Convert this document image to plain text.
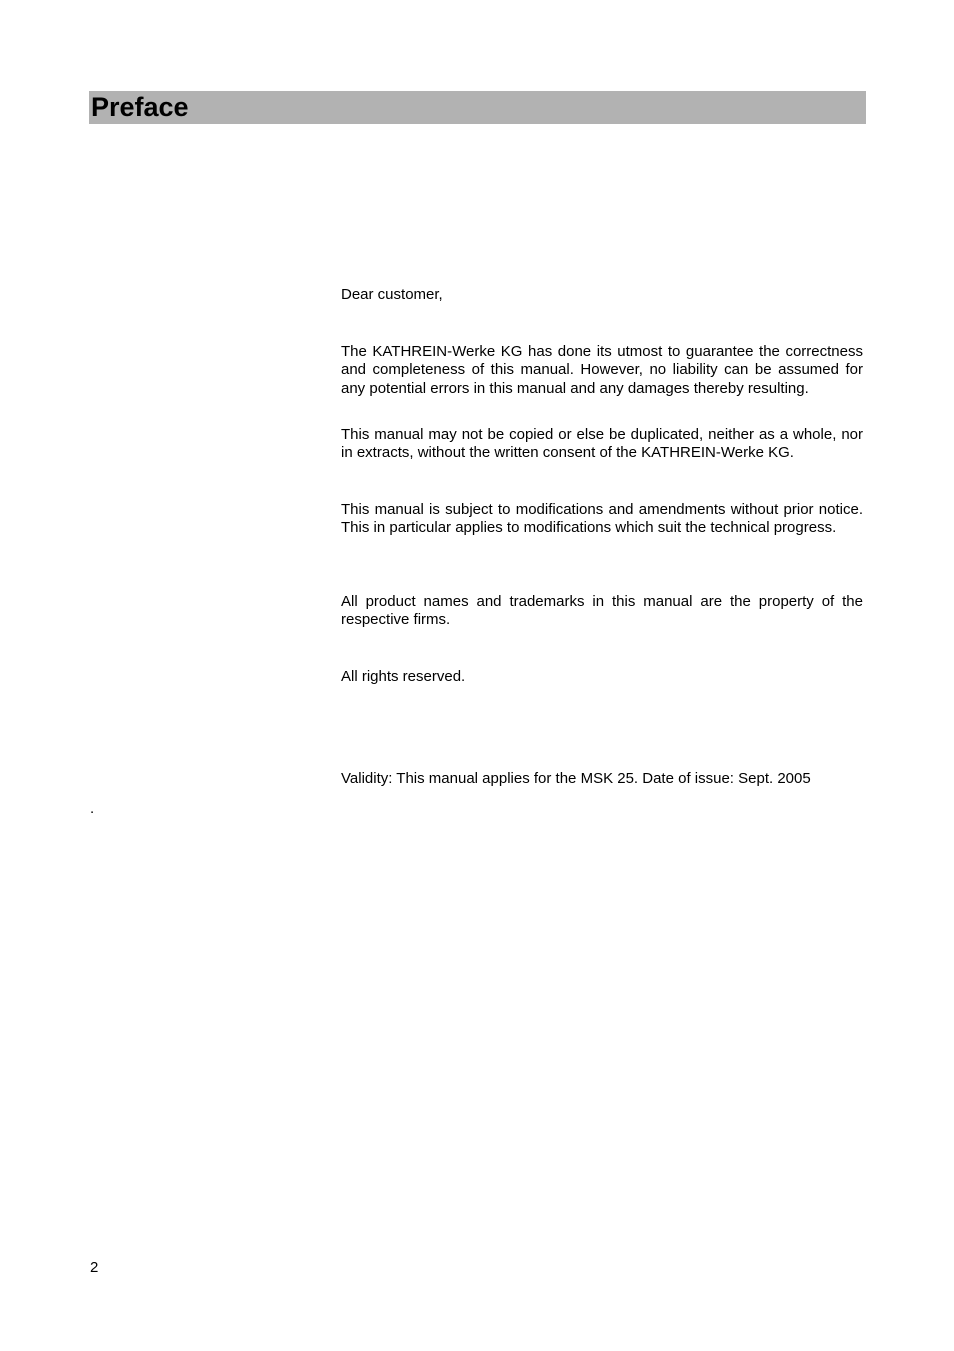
Preface

Dear customer,

The KATHREIN-Werke KG has done its utmost to guarantee the correctness and completeness of this manual. However, no liability can be assumed for any potential errors in this manual and any damages thereby resulting.

This manual may not be copied or else be duplicated, neither as a whole, nor in extracts, without the written consent of the KATHREIN-Werke KG.

This manual is subject to modifications and amendments without prior notice. This in particular applies to modifications which suit the technical progress.

All product names and trademarks in this manual are the property of the respective firms.

All rights reserved.

Validity: This manual applies for the MSK 25. Date of issue: Sept. 2005

.
2
